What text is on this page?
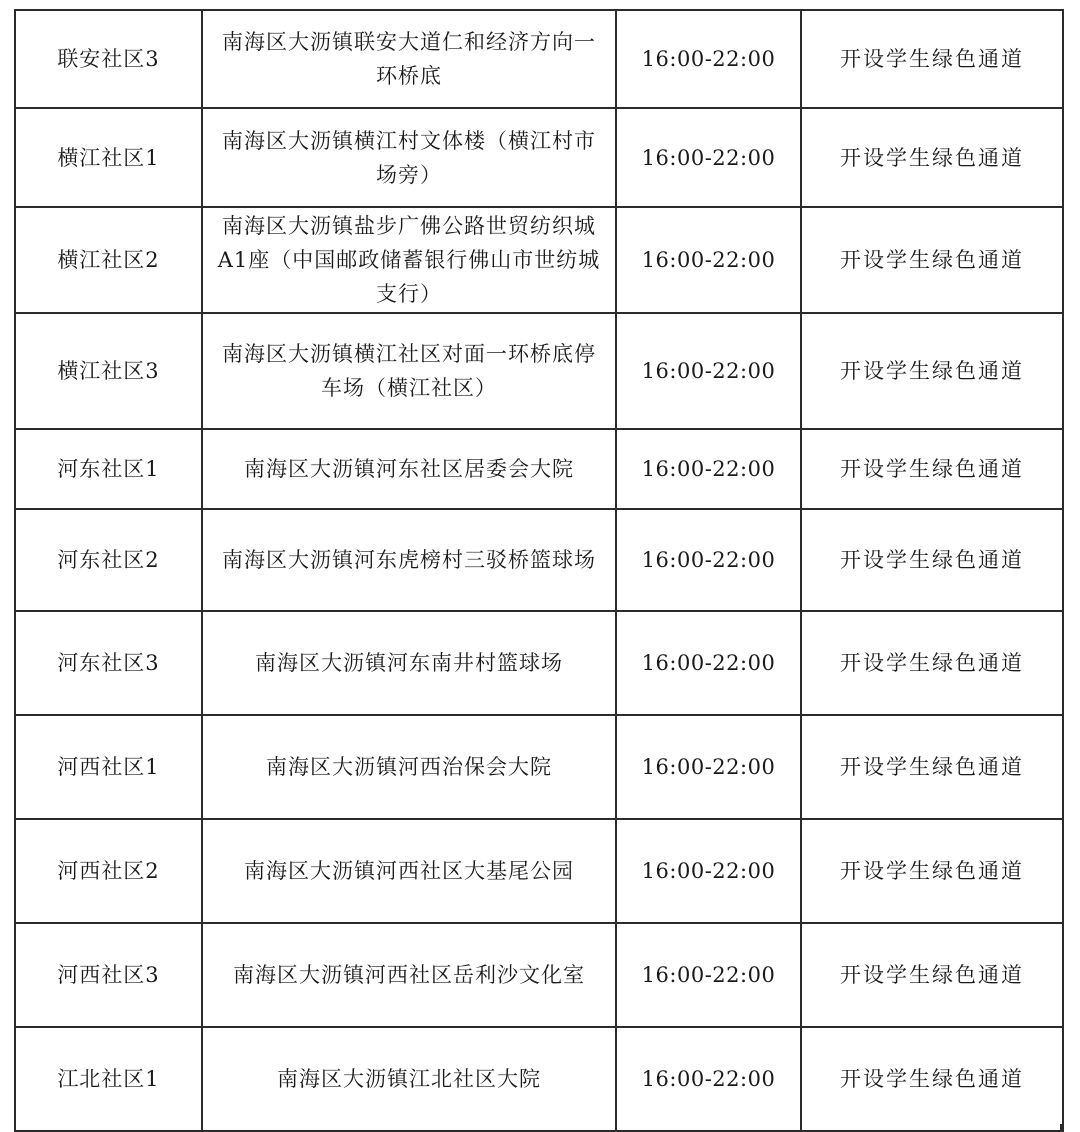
联安社区3	南海区大沥镇联安大道仁和经济方向一环桥底	16:00-22:00	开设学生绿色通道
横江社区1	南海区大沥镇横江村文体楼（横江村市场旁）	16:00-22:00	开设学生绿色通道
横江社区2	南海区大沥镇盐步广佛公路世贸纺织城A1座（中国邮政储蓄银行佛山市世纺城支行）	16:00-22:00	开设学生绿色通道
横江社区3	南海区大沥镇横江社区对面一环桥底停车场（横江社区）	16:00-22:00	开设学生绿色通道
河东社区1	南海区大沥镇河东社区居委会大院	16:00-22:00	开设学生绿色通道
河东社区2	南海区大沥镇河东虎榜村三驳桥篮球场	16:00-22:00	开设学生绿色通道
河东社区3	南海区大沥镇河东南井村篮球场	16:00-22:00	开设学生绿色通道
河西社区1	南海区大沥镇河西治保会大院	16:00-22:00	开设学生绿色通道
河西社区2	南海区大沥镇河西社区大基尾公园	16:00-22:00	开设学生绿色通道
河西社区3	南海区大沥镇河西社区岳利沙文化室	16:00-22:00	开设学生绿色通道
江北社区1	南海区大沥镇江北社区大院	16:00-22:00	开设学生绿色通道
